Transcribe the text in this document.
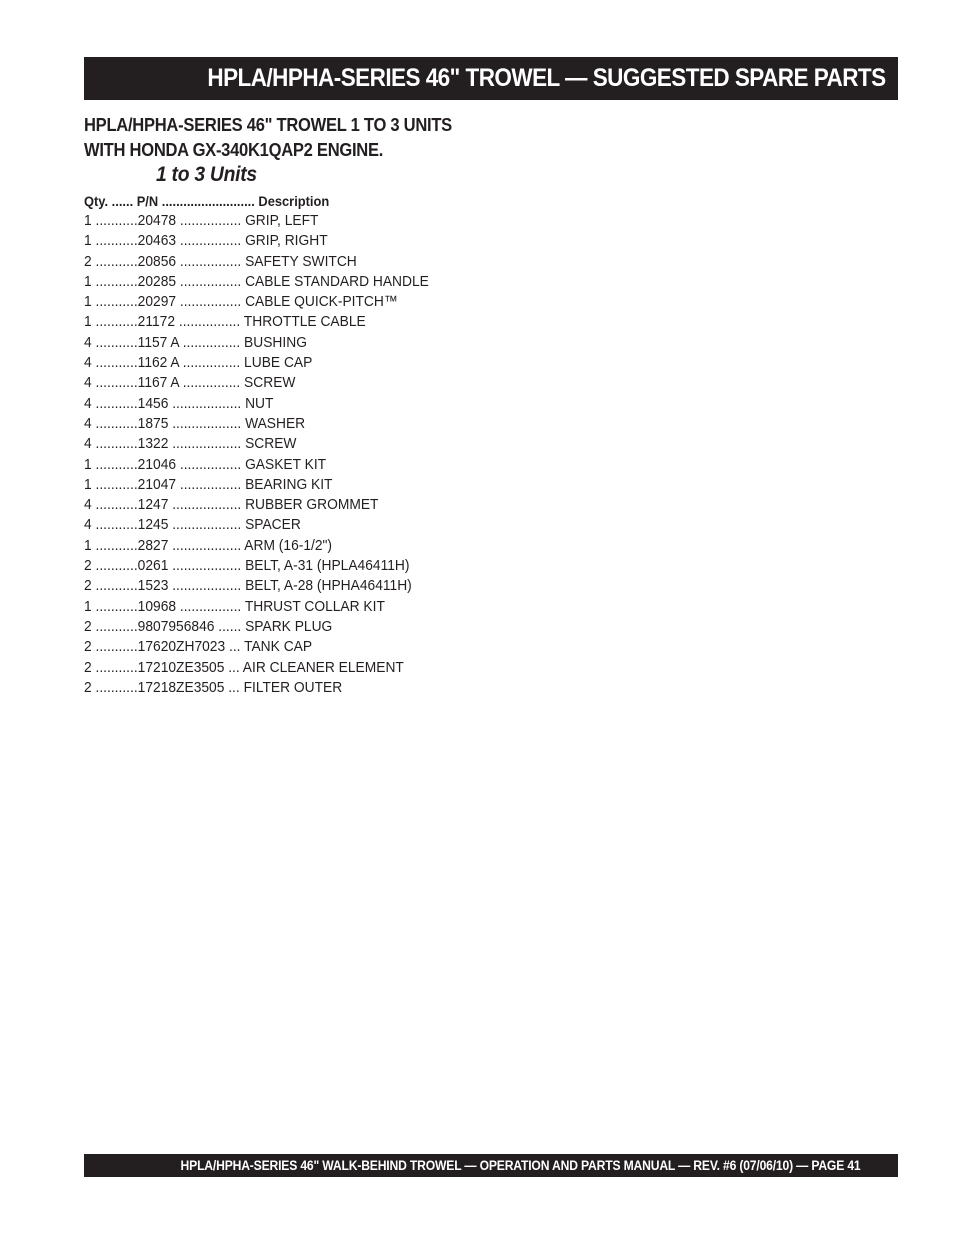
HPLA/HPHA-SERIES 46" TROWEL — SUGGESTED SPARE PARTS
HPLA/HPHA-SERIES 46" TROWEL 1 TO 3 UNITS
WITH HONDA GX-340K1QAP2 ENGINE.
1 to 3 Units
Qty. ...... P/N .......................... Description
1 ...........20478 ................ GRIP, LEFT
1 ...........20463 ................ GRIP, RIGHT
2 ...........20856 ................ SAFETY SWITCH
1 ...........20285 ................ CABLE STANDARD HANDLE
1 ...........20297 ................ CABLE QUICK-PITCH™
1 ...........21172 ................ THROTTLE CABLE
4 ...........1157 A ............... BUSHING
4 ...........1162 A ............... LUBE CAP
4 ...........1167 A ............... SCREW
4 ...........1456 .................. NUT
4 ...........1875 .................. WASHER
4 ...........1322 .................. SCREW
1 ...........21046 ................ GASKET KIT
1 ...........21047 ................ BEARING KIT
4 ...........1247 .................. RUBBER GROMMET
4 ...........1245 .................. SPACER
1 ...........2827 .................. ARM (16-1/2")
2 ...........0261 .................. BELT, A-31 (HPLA46411H)
2 ...........1523 .................. BELT, A-28 (HPHA46411H)
1 ...........10968 ................ THRUST COLLAR KIT
2 ...........9807956846 ...... SPARK PLUG
2 ...........17620ZH7023 ... TANK CAP
2 ...........17210ZE3505 ... AIR CLEANER ELEMENT
2 ...........17218ZE3505 ... FILTER OUTER
HPLA/HPHA-SERIES 46" WALK-BEHIND TROWEL — OPERATION AND PARTS MANUAL — REV. #6 (07/06/10) — PAGE 41
